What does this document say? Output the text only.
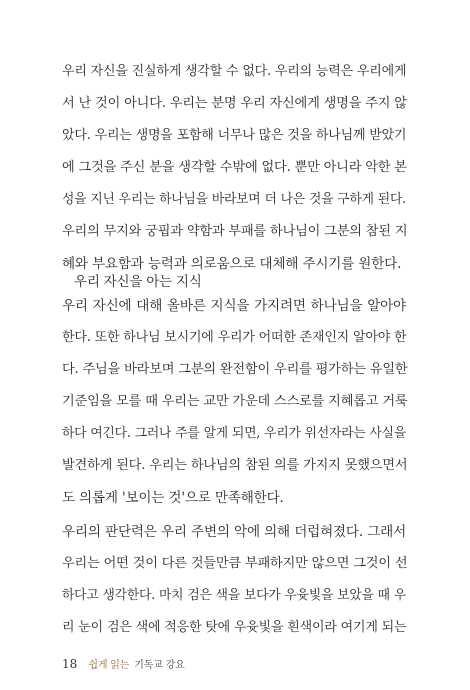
우리 자신을 진실하게 생각할 수 없다. 우리의 능력은 우리에게
서 난 것이 아니다. 우리는 분명 우리 자신에게 생명을 주지 않
았다. 우리는 생명을 포함해 너무나 많은 것을 하나님께 받았기
에 그것을 주신 분을 생각할 수밖에 없다. 뿐만 아니라 악한 본
성을 지닌 우리는 하나님을 바라보며 더 나은 것을 구하게 된다.
우리의 무지와 궁핍과 약함과 부패를 하나님이 그분의 참된 지
혜와 부요함과 능력과 의로움으로 대체해 주시기를 원한다.
우리 자신을 아는 지식
우리 자신에 대해 올바른 지식을 가지려면 하나님을 알아야
한다. 또한 하나님 보시기에 우리가 어떠한 존재인지 알아야 한
다. 주님을 바라보며 그분의 완전함이 우리를 평가하는 유일한
기준임을 모를 때 우리는 교만 가운데 스스로를 지혜롭고 거룩
하다 여긴다. 그러나 주를 알게 되면, 우리가 위선자라는 사실을
발견하게 된다. 우리는 하나님의 참된 의를 가지지 못했으면서
도 의롭게 '보이는 것'으로 만족해한다.
우리의 판단력은 우리 주변의 악에 의해 더럽혀졌다. 그래서
우리는 어떤 것이 다른 것들만큼 부패하지만 않으면 그것이 선
하다고 생각한다. 마치 검은 색을 보다가 우윳빛을 보았을 때 우
리 눈이 검은 색에 적응한 탓에 우윳빛을 흰색이라 여기게 되는
18 쉽게 읽는 기독교 강요
